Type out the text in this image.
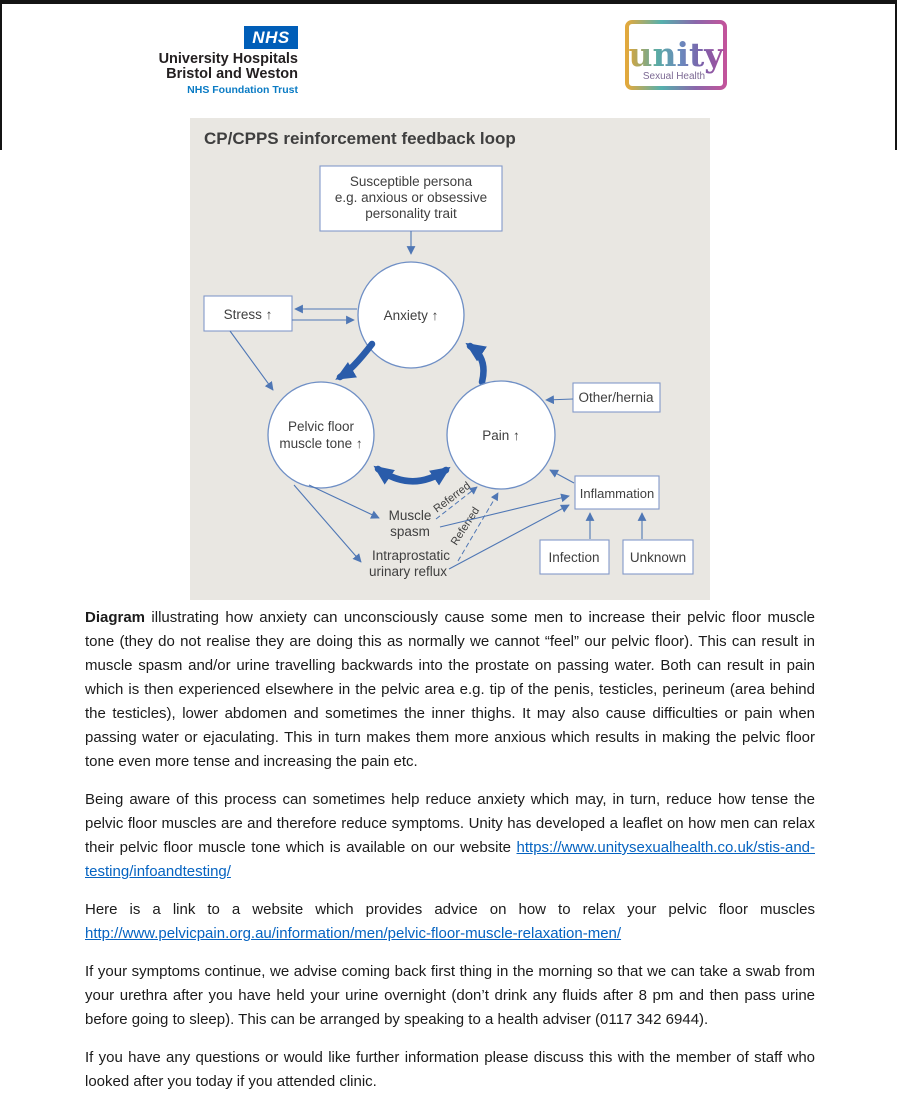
NHS
University Hospitals
Bristol and Weston
NHS Foundation Trust
unity
Sexual Health
CP/CPPS reinforcement feedback loop
Susceptible persona
e.g. anxious or obsessive
personality trait
Anxiety ↑
Stress ↑
Pelvic floor
muscle tone ↑
Pain ↑
Other/hernia
Muscle
spasm
Intraprostatic
urinary reflux
Referred
Referred
Inflammation
Infection Unknown

Diagram illustrating how anxiety can unconsciously cause some men to increase their pelvic floor muscle tone (they do not realise they are doing this as normally we cannot “feel” our pelvic floor). This can result in muscle spasm and/or urine travelling backwards into the prostate on passing water. Both can result in pain which is then experienced elsewhere in the pelvic area e.g. tip of the penis, testicles, perineum (area behind the testicles), lower abdomen and sometimes the inner thighs. It may also cause difficulties or pain when passing water or ejaculating. This in turn makes them more anxious which results in making the pelvic floor tone even more tense and increasing the pain etc.

Being aware of this process can sometimes help reduce anxiety which may, in turn, reduce how tense the pelvic floor muscles are and therefore reduce symptoms. Unity has developed a leaflet on how men can relax their pelvic floor muscle tone which is available on our website https://www.unitysexualhealth.co.uk/stis-and-testing/infoandtesting/

Here is a link to a website which provides advice on how to relax your pelvic floor muscles http://www.pelvicpain.org.au/information/men/pelvic-floor-muscle-relaxation-men/

If your symptoms continue, we advise coming back first thing in the morning so that we can take a swab from your urethra after you have held your urine overnight (don’t drink any fluids after 8 pm and then pass urine before going to sleep). This can be arranged by speaking to a health adviser (0117 342 6944).

If you have any questions or would like further information please discuss this with the member of staff who looked after you today if you attended clinic.
